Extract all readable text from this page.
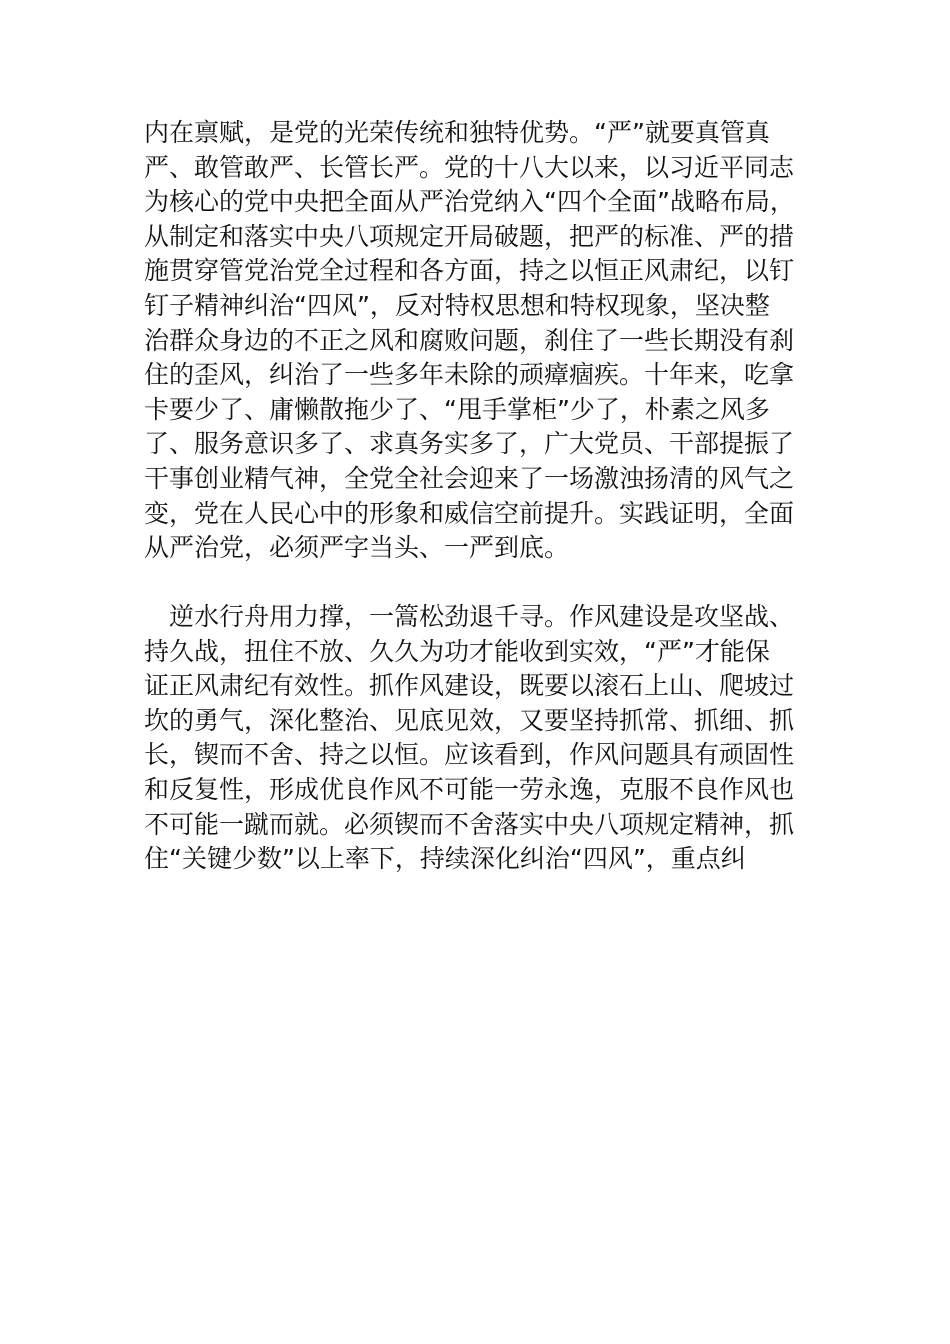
内在禀赋，是党的光荣传统和独特优势。“严”就要真管真
严、敢管敢严、长管长严。党的十八大以来，以习近平同志
为核心的党中央把全面从严治党纳入“四个全面”战略布局，
从制定和落实中央八项规定开局破题，把严的标准、严的措
施贯穿管党治党全过程和各方面，持之以恒正风肃纪，以钉
钉子精神纠治“四风”，反对特权思想和特权现象，坚决整
治群众身边的不正之风和腐败问题，刹住了一些长期没有刹
住的歪风，纠治了一些多年未除的顽瘴痼疾。十年来，吃拿
卡要少了、庸懒散拖少了、“甩手掌柜”少了，朴素之风多
了、服务意识多了、求真务实多了，广大党员、干部提振了
干事创业精气神，全党全社会迎来了一场激浊扬清的风气之
变，党在人民心中的形象和威信空前提升。实践证明，全面
从严治党，必须严字当头、一严到底。
　逆水行舟用力撑，一篙松劲退千寻。作风建设是攻坚战、
持久战，扭住不放、久久为功才能收到实效，“严”才能保
证正风肃纪有效性。抓作风建设，既要以滚石上山、爬坡过
坎的勇气，深化整治、见底见效，又要坚持抓常、抓细、抓
长，锲而不舍、持之以恒。应该看到，作风问题具有顽固性
和反复性，形成优良作风不可能一劳永逸，克服不良作风也
不可能一蹴而就。必须锲而不舍落实中央八项规定精神，抓
住“关键少数”以上率下，持续深化纠治“四风”，重点纠
